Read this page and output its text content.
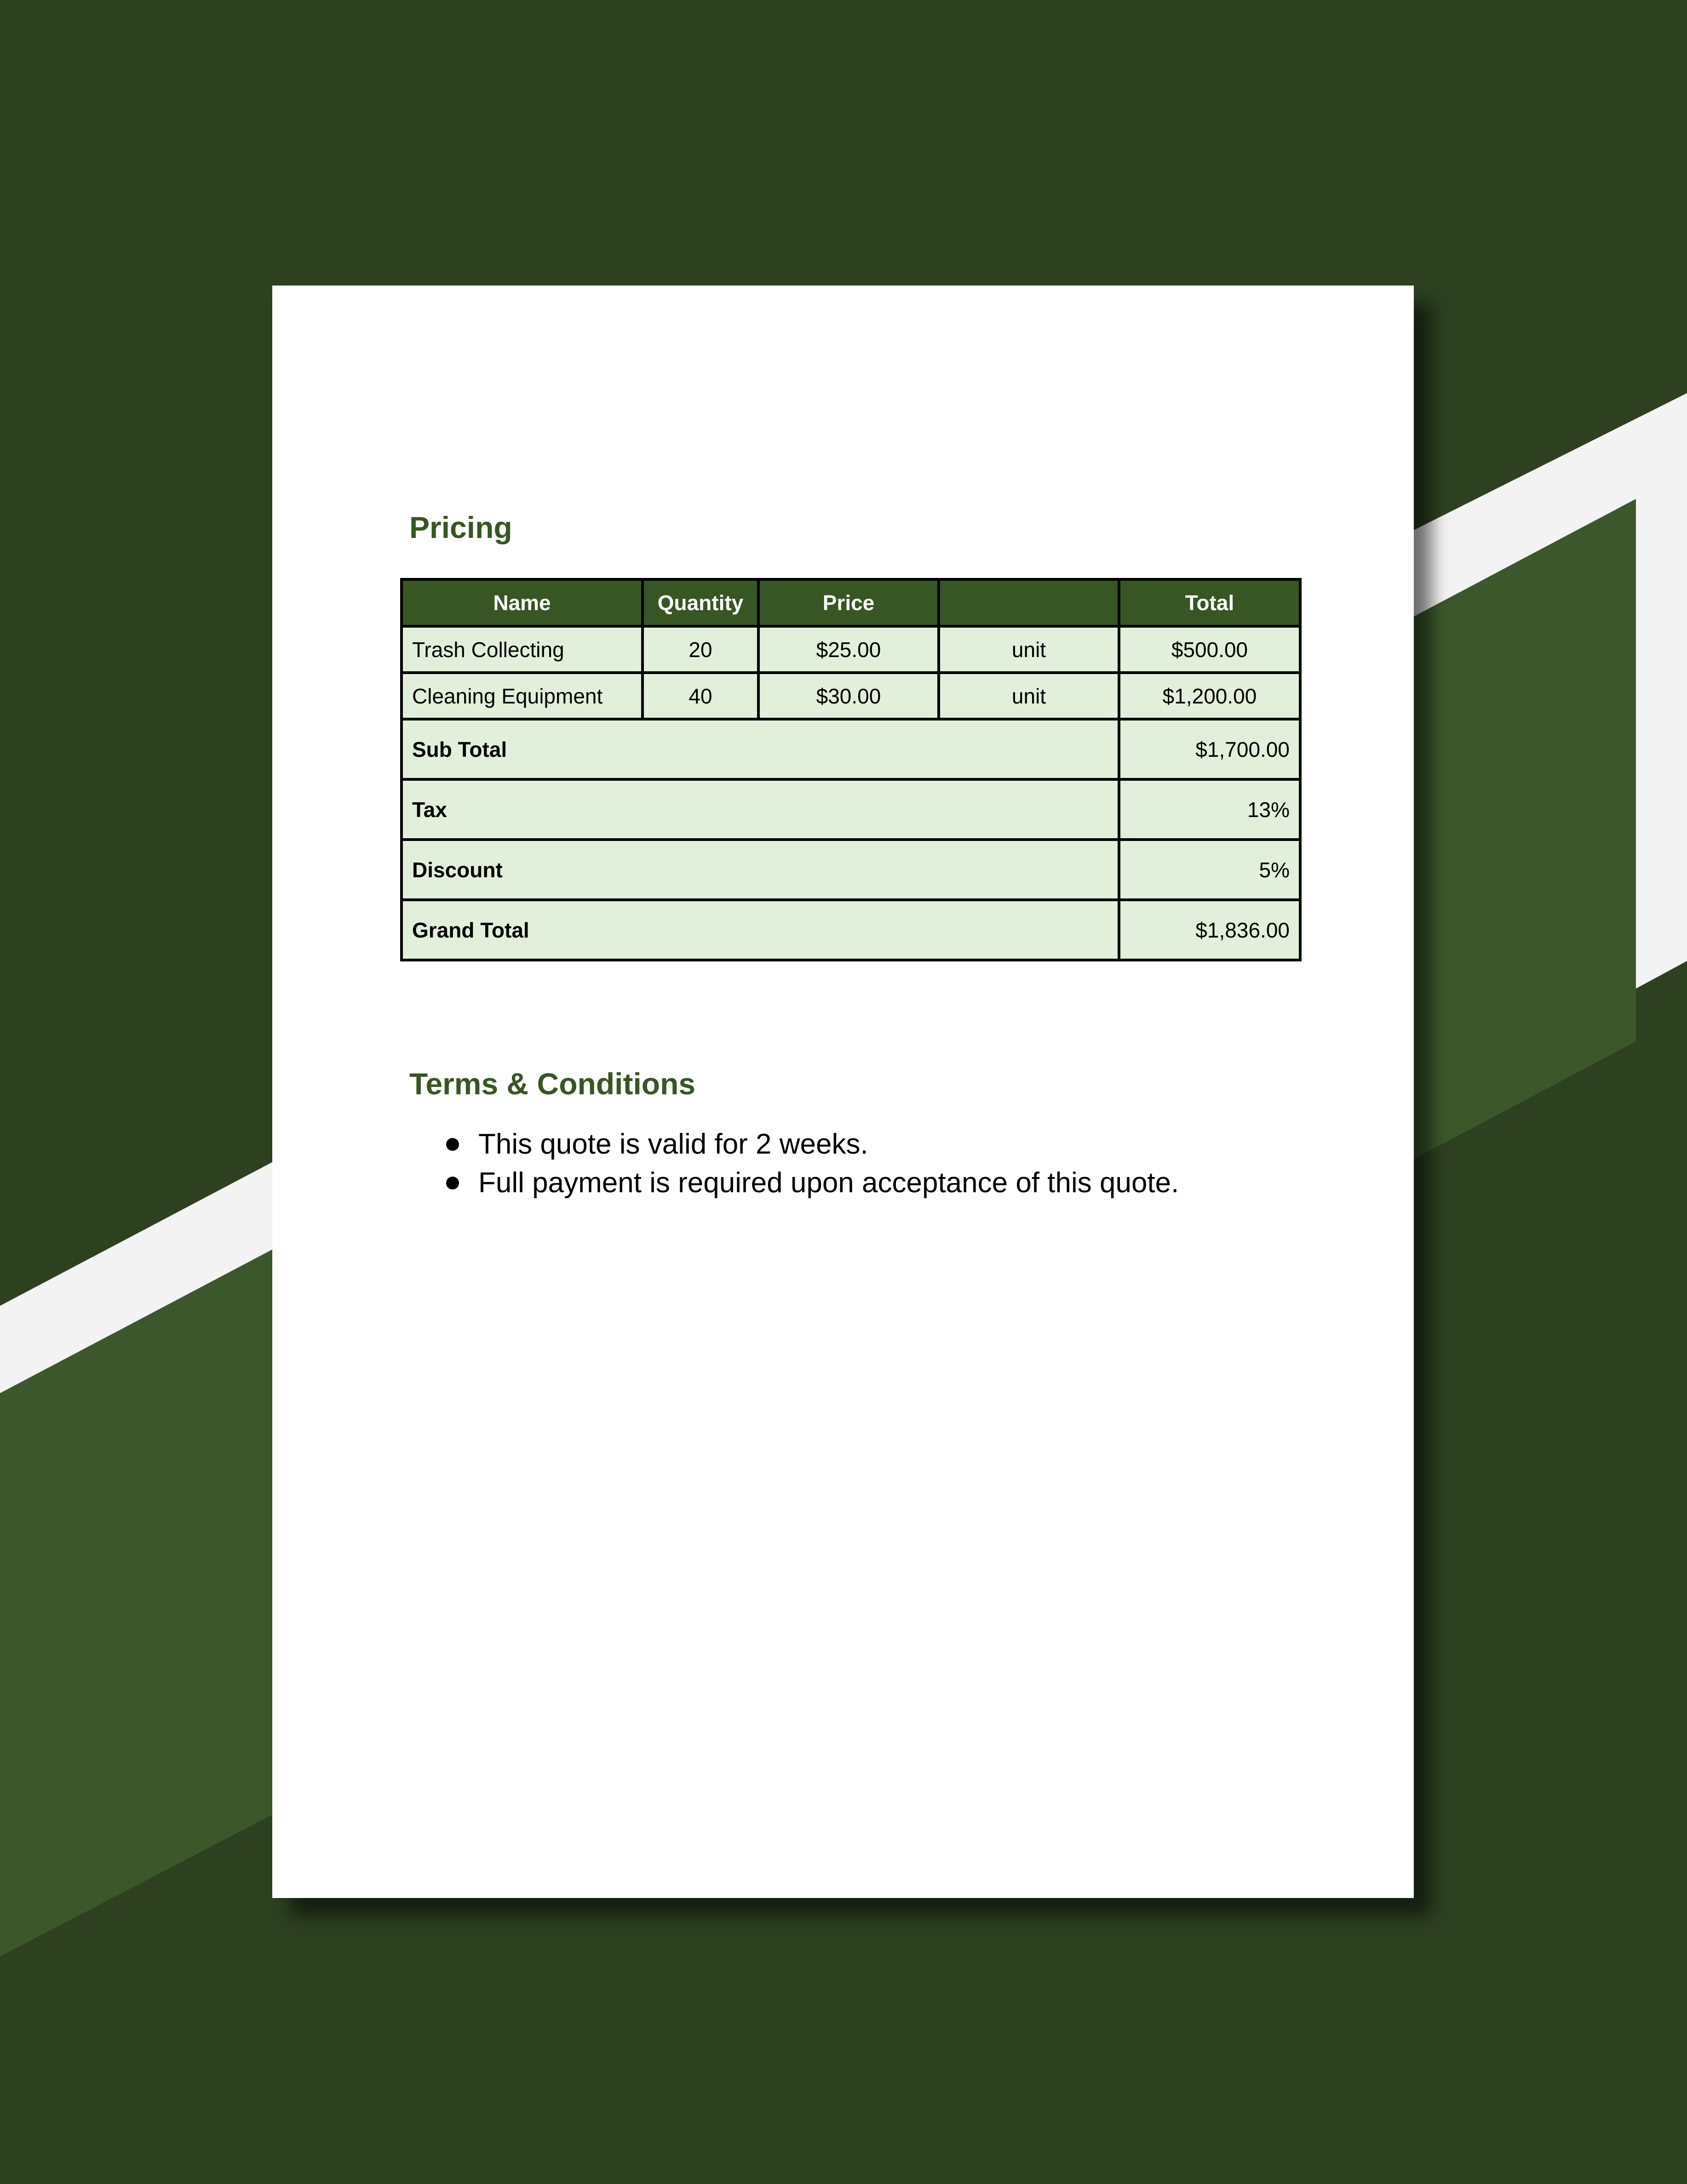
Pricing
Name	Quantity	Price		Total
Trash Collecting	20	$25.00	unit	$500.00
Cleaning Equipment	40	$30.00	unit	$1,200.00
Sub Total				$1,700.00
Tax				13%
Discount				5%
Grand Total				$1,836.00
Terms & Conditions
This quote is valid for 2 weeks.
Full payment is required upon acceptance of this quote.
